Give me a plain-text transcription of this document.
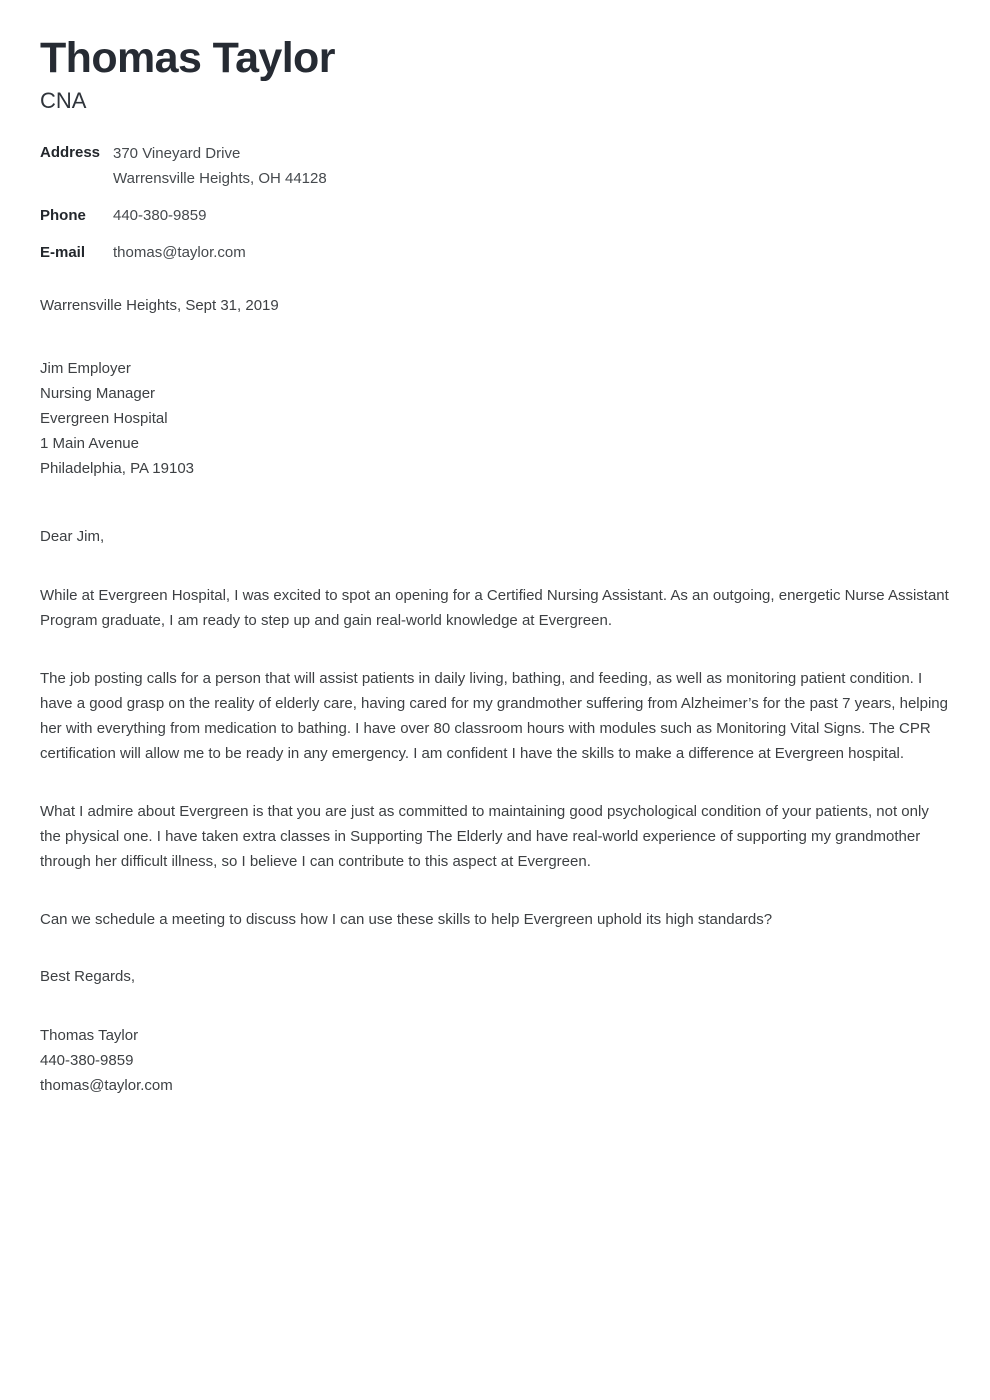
Thomas Taylor
CNA
Address 370 Vineyard Drive
Warrensville Heights, OH 44128
Phone	440-380-9859
E-mail	thomas@taylor.com
Warrensville Heights, Sept 31, 2019
Jim Employer
Nursing Manager
Evergreen Hospital
1 Main Avenue
Philadelphia, PA 19103
Dear Jim,

While at Evergreen Hospital, I was excited to spot an opening for a Certified Nursing Assistant. As an outgoing, energetic Nurse Assistant Program graduate, I am ready to step up and gain real-world knowledge at Evergreen.

The job posting calls for a person that will assist patients in daily living, bathing, and feeding, as well as monitoring patient condition. I have a good grasp on the reality of elderly care, having cared for my grandmother suffering from Alzheimer’s for the past 7 years, helping her with everything from medication to bathing. I have over 80 classroom hours with modules such as Monitoring Vital Signs. The CPR certification will allow me to be ready in any emergency. I am confident I have the skills to make a difference at Evergreen hospital.

What I admire about Evergreen is that you are just as committed to maintaining good psychological condition of your patients, not only the physical one. I have taken extra classes in Supporting The Elderly and have real-world experience of supporting my grandmother through her difficult illness, so I believe I can contribute to this aspect at Evergreen.

Can we schedule a meeting to discuss how I can use these skills to help Evergreen uphold its high standards?

Best Regards,
Thomas Taylor
440-380-9859
thomas@taylor.com
